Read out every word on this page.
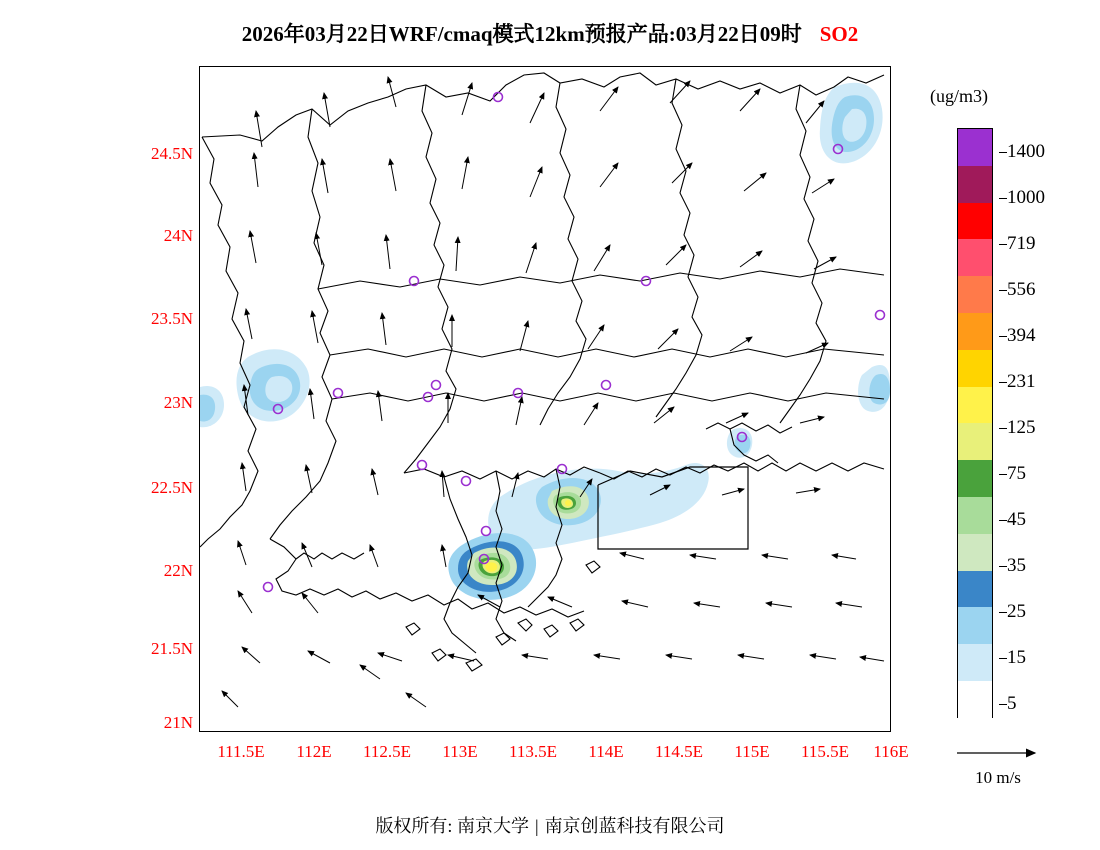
2026年03月22日WRF/cmaq模式12km预报产品:03月22日09时 SO2
21N
21.5N
22N
22.5N
23N
23.5N
24N
24.5N
111.5E	112E	112.5E	113E	113.5E	114E	114.5E	115E	115.5E	116E
(ug/m3)
1400
1000
719
556
394
231
125
75
45
35
25
15
5
10 m/s
版权所有: 南京大学 | 南京创蓝科技有限公司
